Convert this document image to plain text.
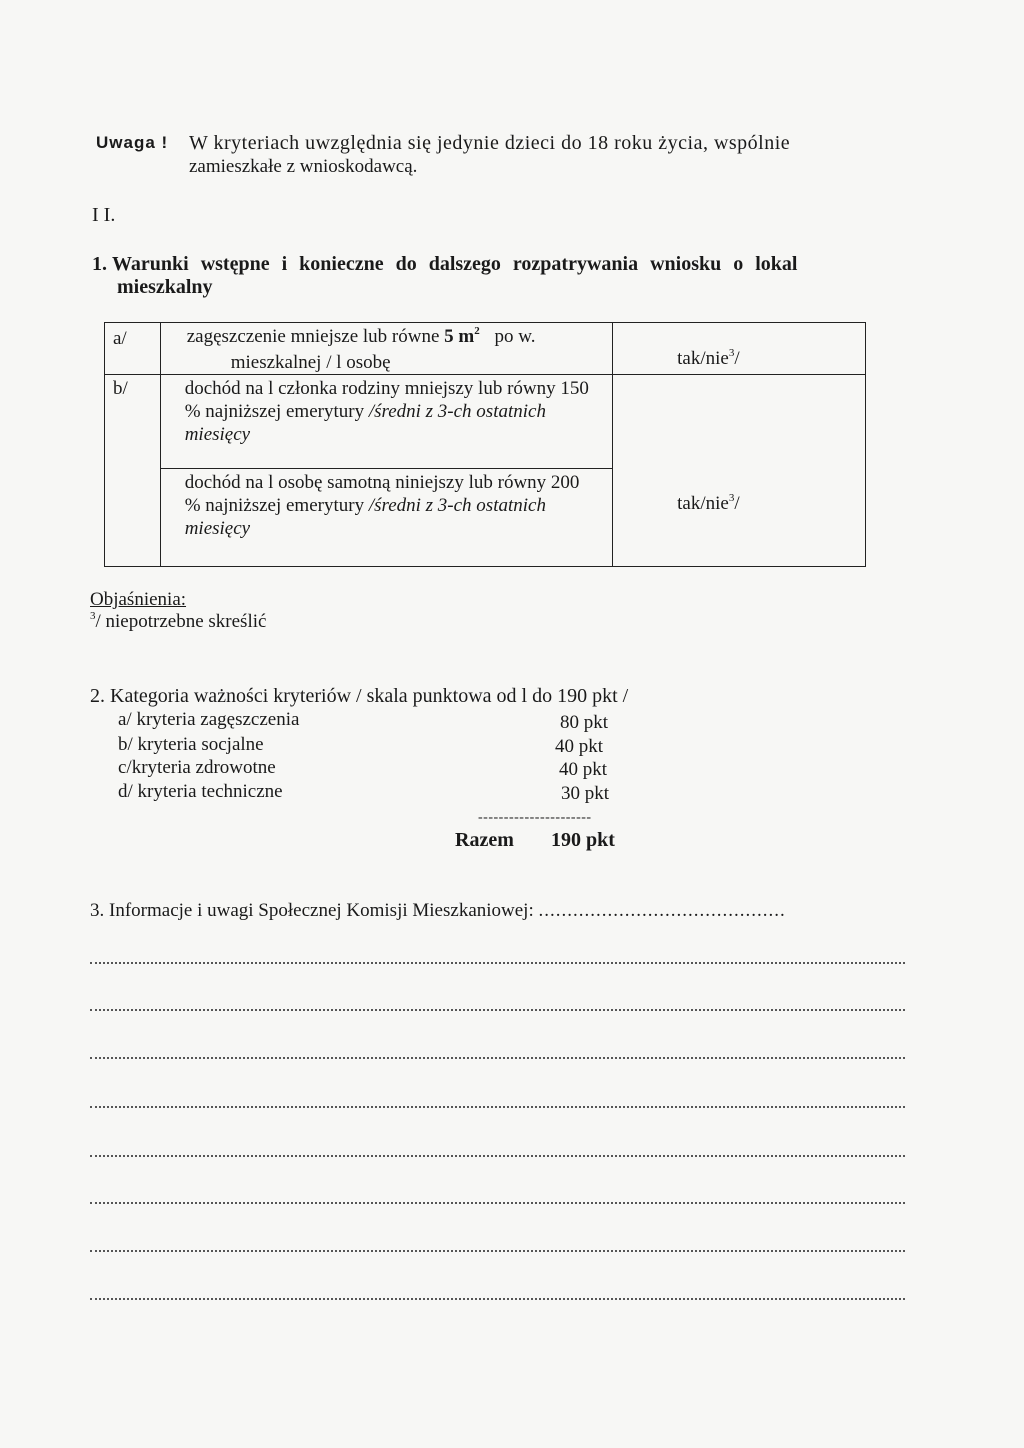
Uwaga ! W kryteriach uwzględnia się jedynie dzieci do 18 roku życia, wspólnie
zamieszkałe z wnioskodawcą.
I I.
1. Warunki wstępne i konieczne do dalszego rozpatrywania wniosku o lokal
mieszkalny
a/	zagęszczenie mniejsze lub równe 5 $m^2$ po w.
mieszkalnej / l osobę	tak/nie$^3$/

b/	dochód na l członka rodziny mniejszy lub równy 150
% najniższej emerytury /średni z 3-ch ostatnich
miesięcy	tak/nie$^3$/

	dochód na l osobę samotną niniejszy lub równy 200
% najniższej emerytury /średni z 3-ch ostatnich
miesięcy	
Objaśnienia:
$^3$/ niepotrzebne skreślić
2. Kategoria ważności kryteriów / skala punktowa od l do 190 pkt /
a/ kryteria zagęszczenia	80 pkt
b/ kryteria socjalne	40 pkt
c/kryteria zdrowotne	40 pkt
d/ kryteria techniczne	30 pkt
----------------------
Razem 190 pkt
3. Informacje i uwagi Społecznej Komisji Mieszkaniowej: ...........................................
